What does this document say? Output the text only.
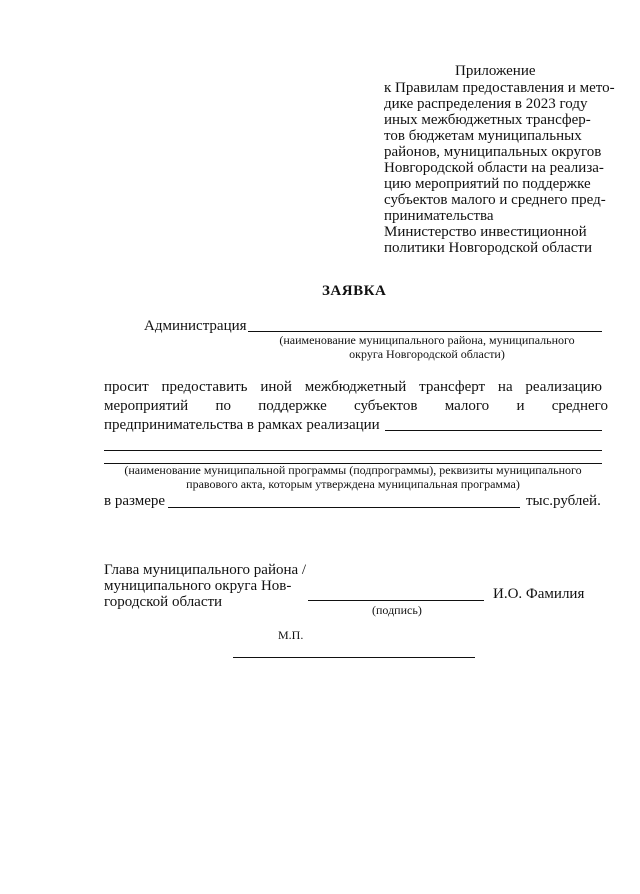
Приложение
к Правилам предоставления и мето-
дике распределения в 2023 году
иных межбюджетных трансфер-
тов бюджетам муниципальных
районов, муниципальных округов
Новгородской области на реализа-
цию мероприятий по поддержке
субъектов малого и среднего пред-
принимательства
Министерство инвестиционной
политики Новгородской области
ЗАЯВКА
Администрация
(наименование муниципального района, муниципального
округа Новгородской области)
просит предоставить иной межбюджетный трансферт на реализацию
мероприятий по поддержке субъектов малого и среднего
предпринимательства в рамках реализации
(наименование муниципальной программы (подпрограммы), реквизиты муниципального
правового акта, которым утверждена муниципальная программа)
в размере	тыс.рублей.
Глава муниципального района /
муниципального округа Нов-
городской области	(подпись)
И.О. Фамилия
М.П.
